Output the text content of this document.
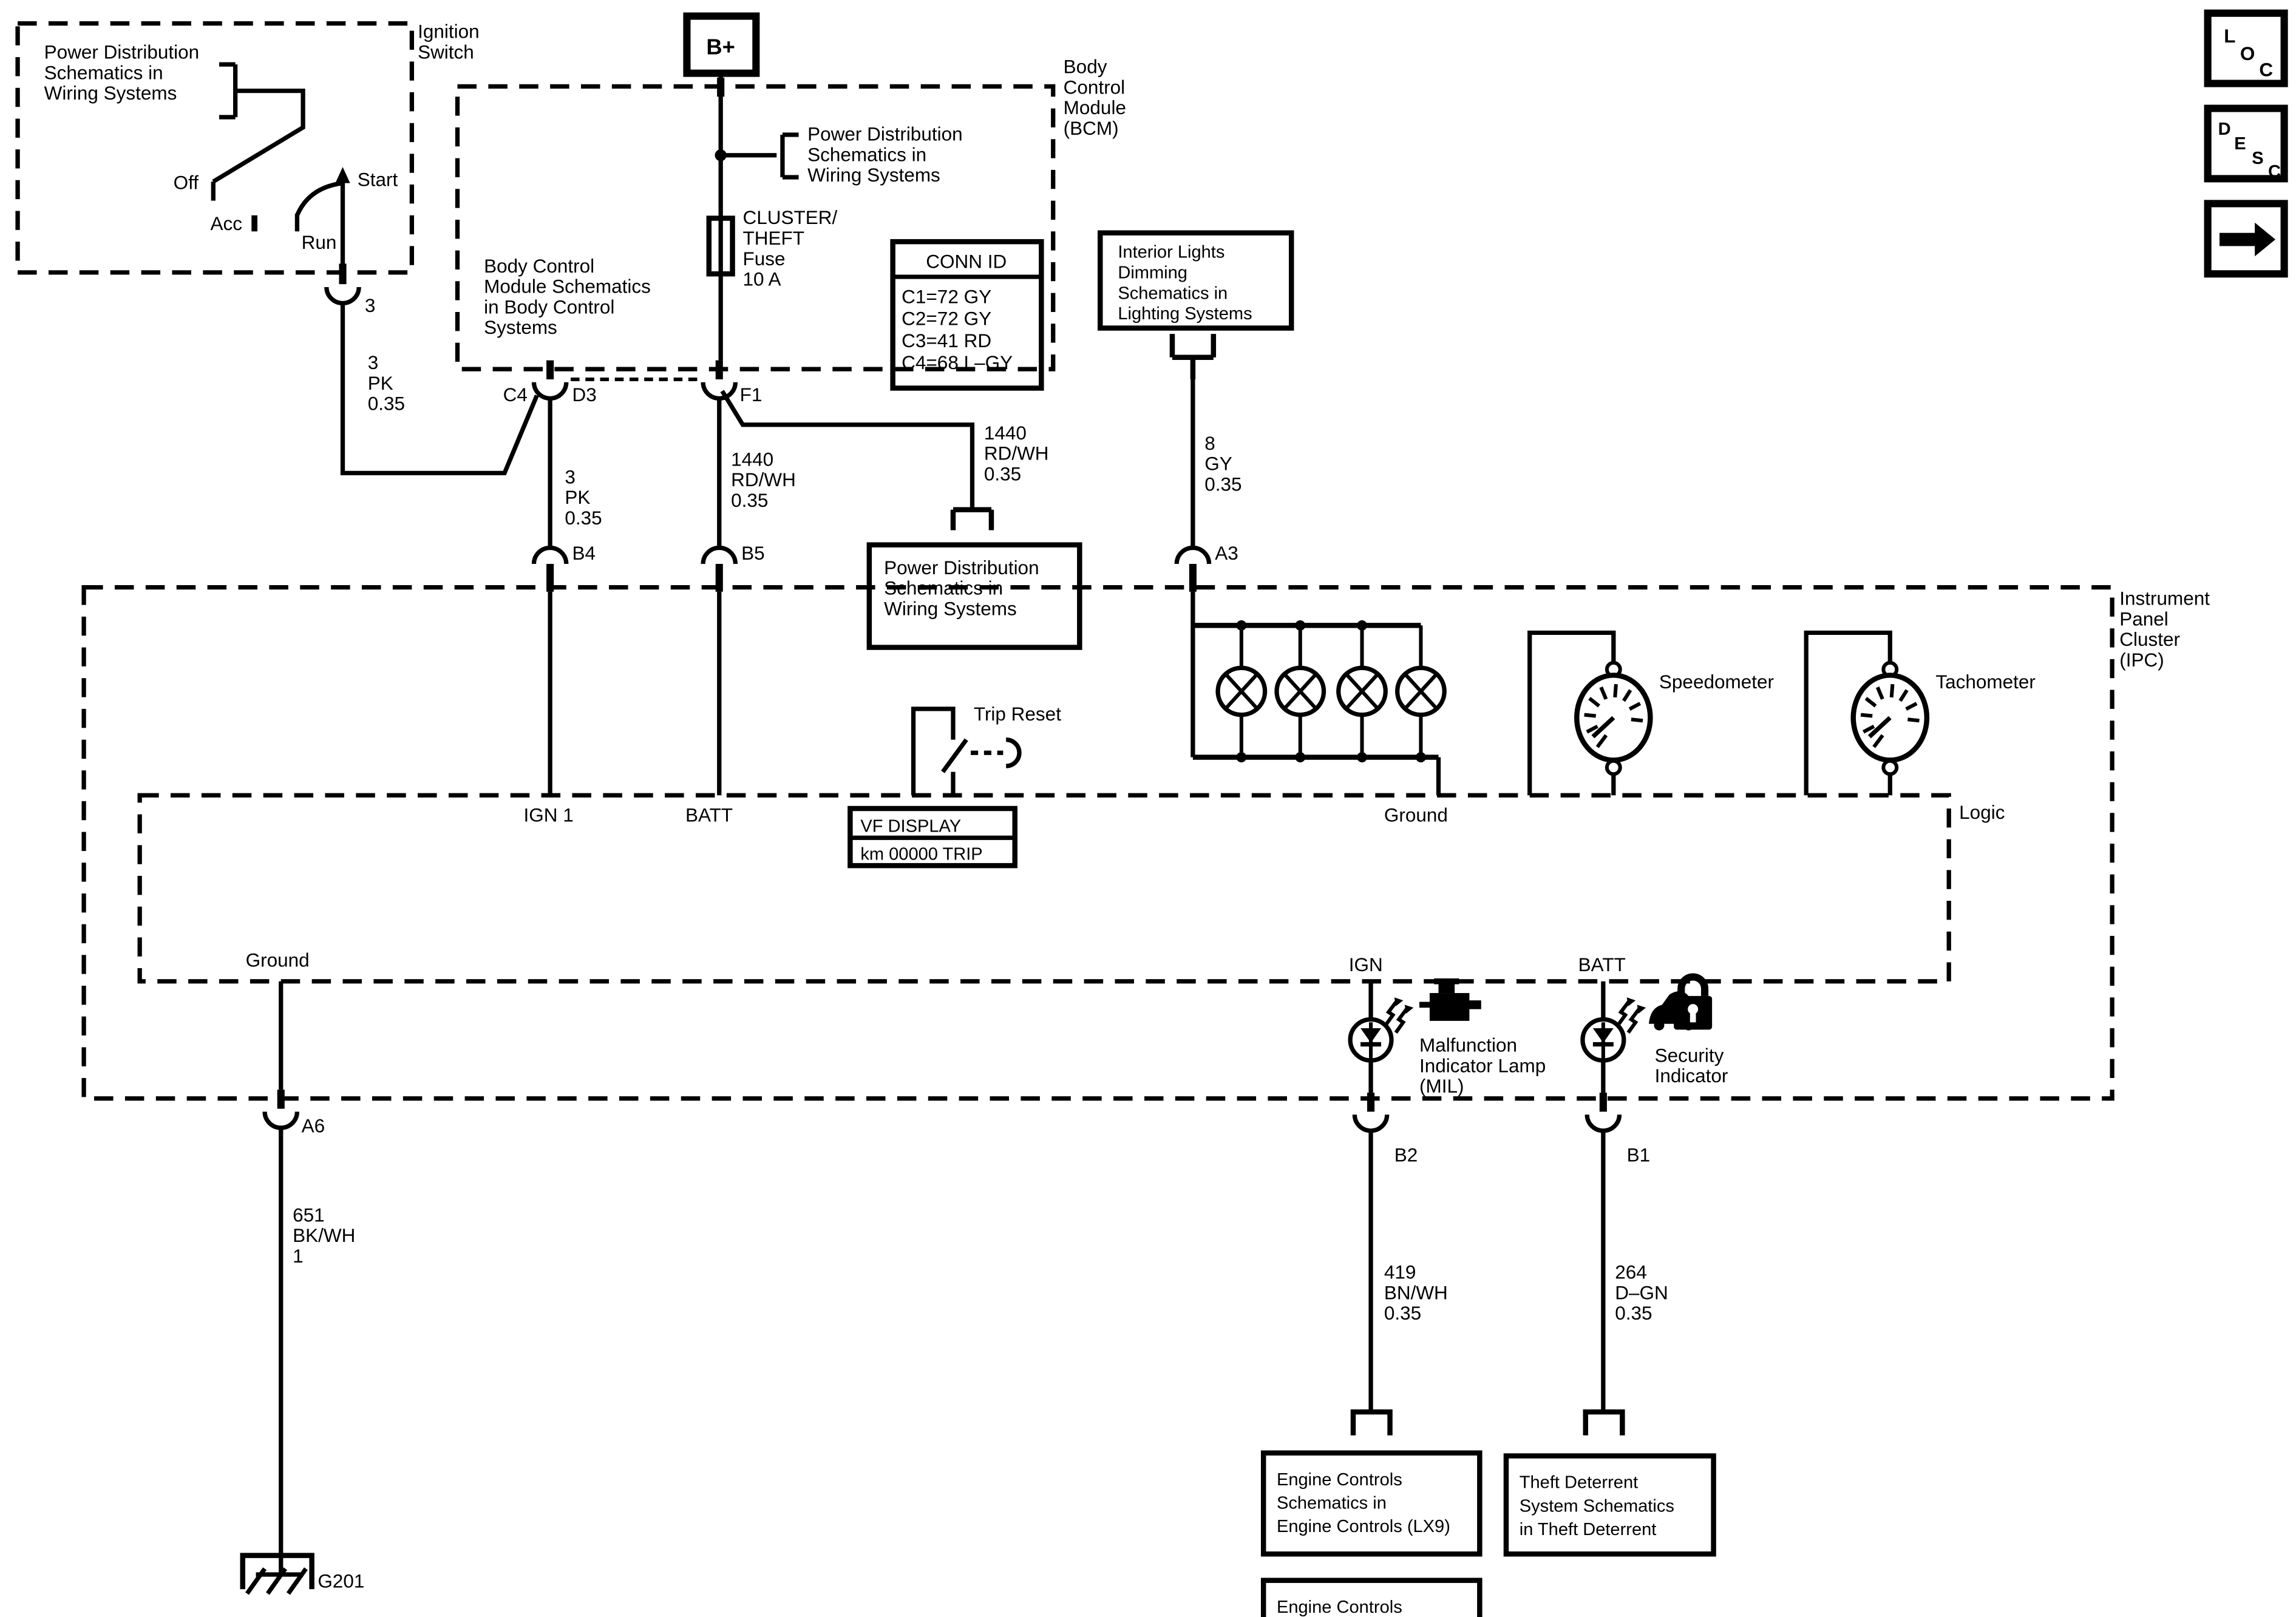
Power Distribution
Schematics in
Wiring Systems
Off
Acc
Run
Start
Ignition
Switch
3
3
PK
0.35
Body Control
Module Schematics
in Body Control
Systems
Body
Control
Module
(BCM)
B+
Power Distribution
Schematics in
Wiring Systems
CLUSTER/
THEFT
Fuse
10 A
CONN ID
C1=72 GY
C2=72 GY
C3=41 RD
C4=68 L–GY
C4	D3	F1
3
PK
0.35
B4
IGN 1
1440
RD/WH
0.35
1440
RD/WH
0.35
Power Distribution
Schematics in
Wiring Systems
B5
BATT
Interior Lights
Dimming
Schematics in
Lighting Systems
8
GY
0.35
A3
Instrument
Panel
Cluster
(IPC)
Ground
Trip Reset
VF DISPLAY
km 00000 TRIP
Speedometer	Tachometer
Logic
Ground
A6
651
BK/WH
1
G201
IGN
Malfunction
Indicator Lamp
(MIL)
B2
BATT
Security
Indicator
B1
419
BN/WH
0.35
Engine Controls
Schematics in
Engine Controls (LX9)
Engine Controls
264
D–GN
0.35
Theft Deterrent
System Schematics
in Theft Deterrent
L
O
C
D
E
S
C
